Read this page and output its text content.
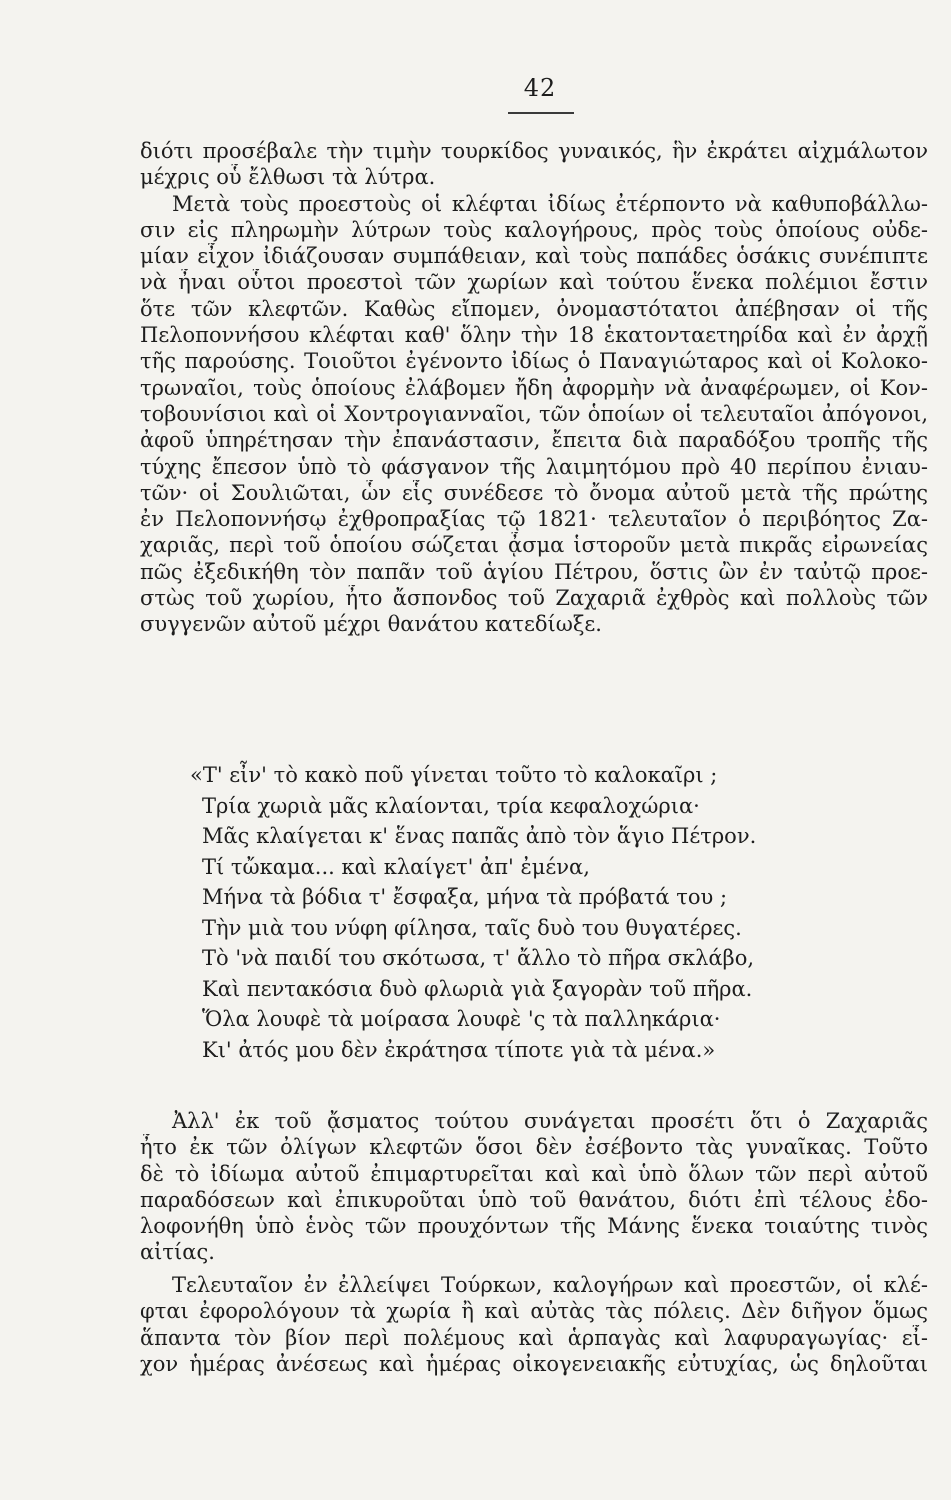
42
διότι προσέβαλε τὴν τιμὴν τουρκίδος γυναικός, ἣν ἐκράτει αἰχμάλωτον
μέχρις οὗ ἔλθωσι τὰ λύτρα.
Μετὰ τοὺς προεστοὺς οἱ κλέφται ἰδίως ἐτέρποντο νὰ καθυποβάλλω-
σιν εἰς πληρωμὴν λύτρων τοὺς καλογήρους, πρὸς τοὺς ὁποίους οὐδε-
μίαν εἶχον ἰδιάζουσαν συμπάθειαν, καὶ τοὺς παπάδες ὁσάκις συνέπιπτε
νὰ ἦναι οὗτοι προεστοὶ τῶν χωρίων καὶ τούτου ἕνεκα πολέμιοι ἔστιν
ὅτε τῶν κλεφτῶν. Καθὼς εἴπομεν, ὀνομαστότατοι ἀπέβησαν οἱ τῆς
Πελοποννήσου κλέφται καθ' ὅλην τὴν 18 ἑκατονταετηρίδα καὶ ἐν ἀρχῇ
τῆς παρούσης. Τοιοῦτοι ἐγένοντο ἰδίως ὁ Παναγιώταρος καὶ οἱ Κολοκο-
τρωναῖοι, τοὺς ὁποίους ἐλάβομεν ἤδη ἀφορμὴν νὰ ἀναφέρωμεν, οἱ Κον-
τοβουνίσιοι καὶ οἱ Χοντρογιανναῖοι, τῶν ὁποίων οἱ τελευταῖοι ἀπόγονοι,
ἀφοῦ ὑπηρέτησαν τὴν ἐπανάστασιν, ἔπειτα διὰ παραδόξου τροπῆς τῆς
τύχης ἔπεσον ὑπὸ τὸ φάσγανον τῆς λαιμητόμου πρὸ 40 περίπου ἐνιαυ-
τῶν· οἱ Σουλιῶται, ὧν εἷς συνέδεσε τὸ ὄνομα αὐτοῦ μετὰ τῆς πρώτης
ἐν Πελοποννήσῳ ἐχθροπραξίας τῷ 1821· τελευταῖον ὁ περιβόητος Ζα-
χαριᾶς, περὶ τοῦ ὁποίου σώζεται ᾆσμα ἱστοροῦν μετὰ πικρᾶς εἰρωνείας
πῶς ἐξεδικήθη τὸν παπᾶν τοῦ ἁγίου Πέτρου, ὅστις ὢν ἐν ταὐτῷ προε-
στὼς τοῦ χωρίου, ἦτο ἄσπονδος τοῦ Ζαχαριᾶ ἐχθρὸς καὶ πολλοὺς τῶν
συγγενῶν αὐτοῦ μέχρι θανάτου κατεδίωξε.
«Τ' εἶν' τὸ κακὸ ποῦ γίνεται τοῦτο τὸ καλοκαῖρι ;
Τρία χωριὰ μᾶς κλαίονται, τρία κεφαλοχώρια·
Μᾶς κλαίγεται κ' ἕνας παπᾶς ἀπὸ τὸν ἅγιο Πέτρον.
Τί τὤκαμα... καὶ κλαίγετ' ἀπ' ἐμένα,
Μήνα τὰ βόδια τ' ἔσφαξα, μήνα τὰ πρόβατά του ;
Τὴν μιὰ του νύφη φίλησα, ταῖς δυὸ του θυγατέρες.
Τὸ 'νὰ παιδί του σκότωσα, τ' ἄλλο τὸ πῆρα σκλάβο,
Καὶ πεντακόσια δυὸ φλωριὰ γιὰ ξαγορὰν τοῦ πῆρα.
Ὅλα λουφὲ τὰ μοίρασα λουφὲ 'ς τὰ παλληκάρια·
Κι' ἀτός μου δὲν ἐκράτησα τίποτε γιὰ τὰ μένα.»
Ἀλλ' ἐκ τοῦ ᾄσματος τούτου συνάγεται προσέτι ὅτι ὁ Ζαχαριᾶς
ἦτο ἐκ τῶν ὀλίγων κλεφτῶν ὅσοι δὲν ἐσέβοντο τὰς γυναῖκας. Τοῦτο
δὲ τὸ ἰδίωμα αὐτοῦ ἐπιμαρτυρεῖται καὶ καὶ ὑπὸ ὅλων τῶν περὶ αὐτοῦ
παραδόσεων καὶ ἐπικυροῦται ὑπὸ τοῦ θανάτου, διότι ἐπὶ τέλους ἐδο-
λοφονήθη ὑπὸ ἑνὸς τῶν προυχόντων τῆς Μάνης ἕνεκα τοιαύτης τινὸς
αἰτίας.
Τελευταῖον ἐν ἐλλείψει Τούρκων, καλογήρων καὶ προεστῶν, οἱ κλέ-
φται ἐφορολόγουν τὰ χωρία ἢ καὶ αὐτὰς τὰς πόλεις. Δὲν διῆγον ὅμως
ἅπαντα τὸν βίον περὶ πολέμους καὶ ἁρπαγὰς καὶ λαφυραγωγίας· εἶ-
χον ἡμέρας ἀνέσεως καὶ ἡμέρας οἰκογενειακῆς εὐτυχίας, ὡς δηλοῦται
